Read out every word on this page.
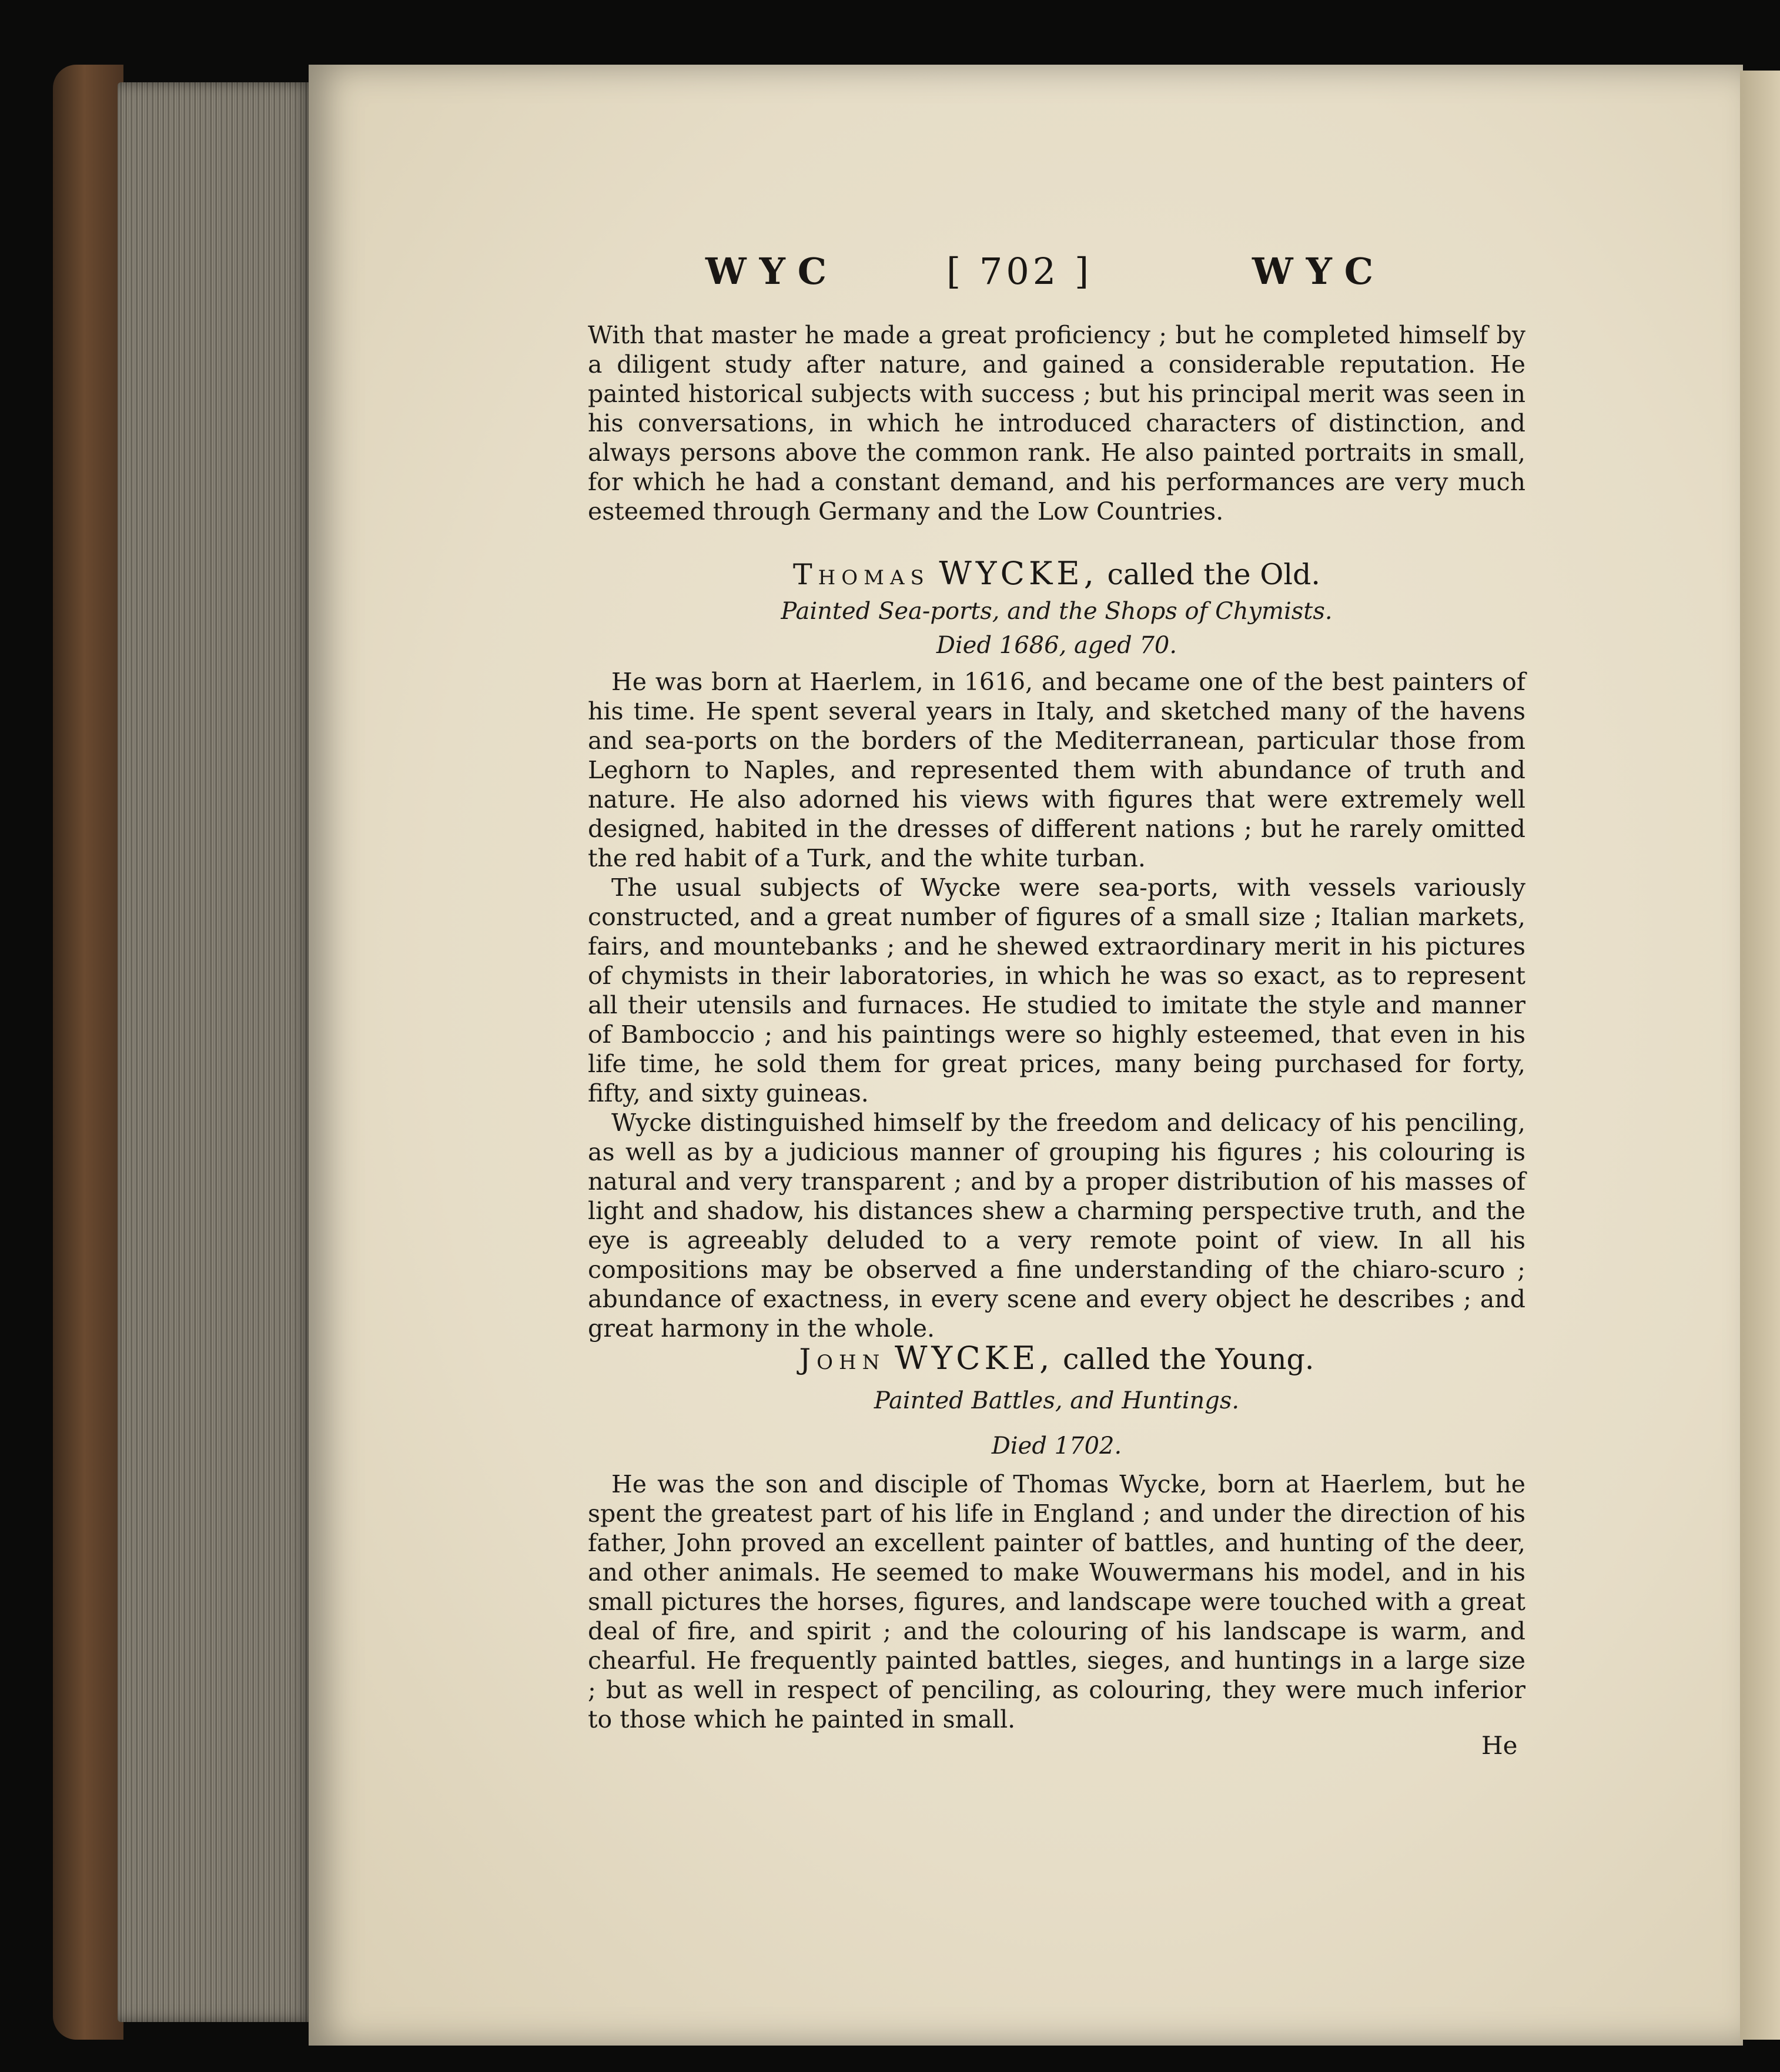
WYC	[ 702 ]	WYC

With that master he made a great proficiency ; but he completed himself by a diligent study after nature, and gained a considerable reputation. He painted historical subjects with success ; but his principal merit was seen in his conversations, in which he introduced characters of distinction, and always persons above the common rank. He also painted portraits in small, for which he had a constant demand, and his performances are very much esteemed through Germany and the Low Countries.

Thomas WYCKE, called the Old.
Painted Sea-ports, and the Shops of Chymists.
Died 1686, aged 70.

He was born at Haerlem, in 1616, and became one of the best painters of his time. He spent several years in Italy, and sketched many of the havens and sea-ports on the borders of the Mediterranean, particular those from Leghorn to Naples, and represented them with abundance of truth and nature. He also adorned his views with figures that were extremely well designed, habited in the dresses of different nations ; but he rarely omitted the red habit of a Turk, and the white turban.

The usual subjects of Wycke were sea-ports, with vessels variously constructed, and a great number of figures of a small size ; Italian markets, fairs, and mountebanks ; and he shewed extraordinary merit in his pictures of chymists in their laboratories, in which he was so exact, as to represent all their utensils and furnaces. He studied to imitate the style and manner of Bamboccio ; and his paintings were so highly esteemed, that even in his life time, he sold them for great prices, many being purchased for forty, fifty, and sixty guineas.

Wycke distinguished himself by the freedom and delicacy of his penciling, as well as by a judicious manner of grouping his figures ; his colouring is natural and very transparent ; and by a proper distribution of his masses of light and shadow, his distances shew a charming perspective truth, and the eye is agreeably deluded to a very remote point of view. In all his compositions may be observed a fine understanding of the chiaro-scuro ; abundance of exactness, in every scene and every object he describes ; and great harmony in the whole.

John WYCKE, called the Young.
Painted Battles, and Huntings.
Died 1702.

He was the son and disciple of Thomas Wycke, born at Haerlem, but he spent the greatest part of his life in England ; and under the direction of his father, John proved an excellent painter of battles, and hunting of the deer, and other animals. He seemed to make Wouwermans his model, and in his small pictures the horses, figures, and landscape were touched with a great deal of fire, and spirit ; and the colouring of his landscape is warm, and chearful. He frequently painted battles, sieges, and huntings in a large size ; but as well in respect of penciling, as colouring, they were much inferior to those which he painted in small.

He
